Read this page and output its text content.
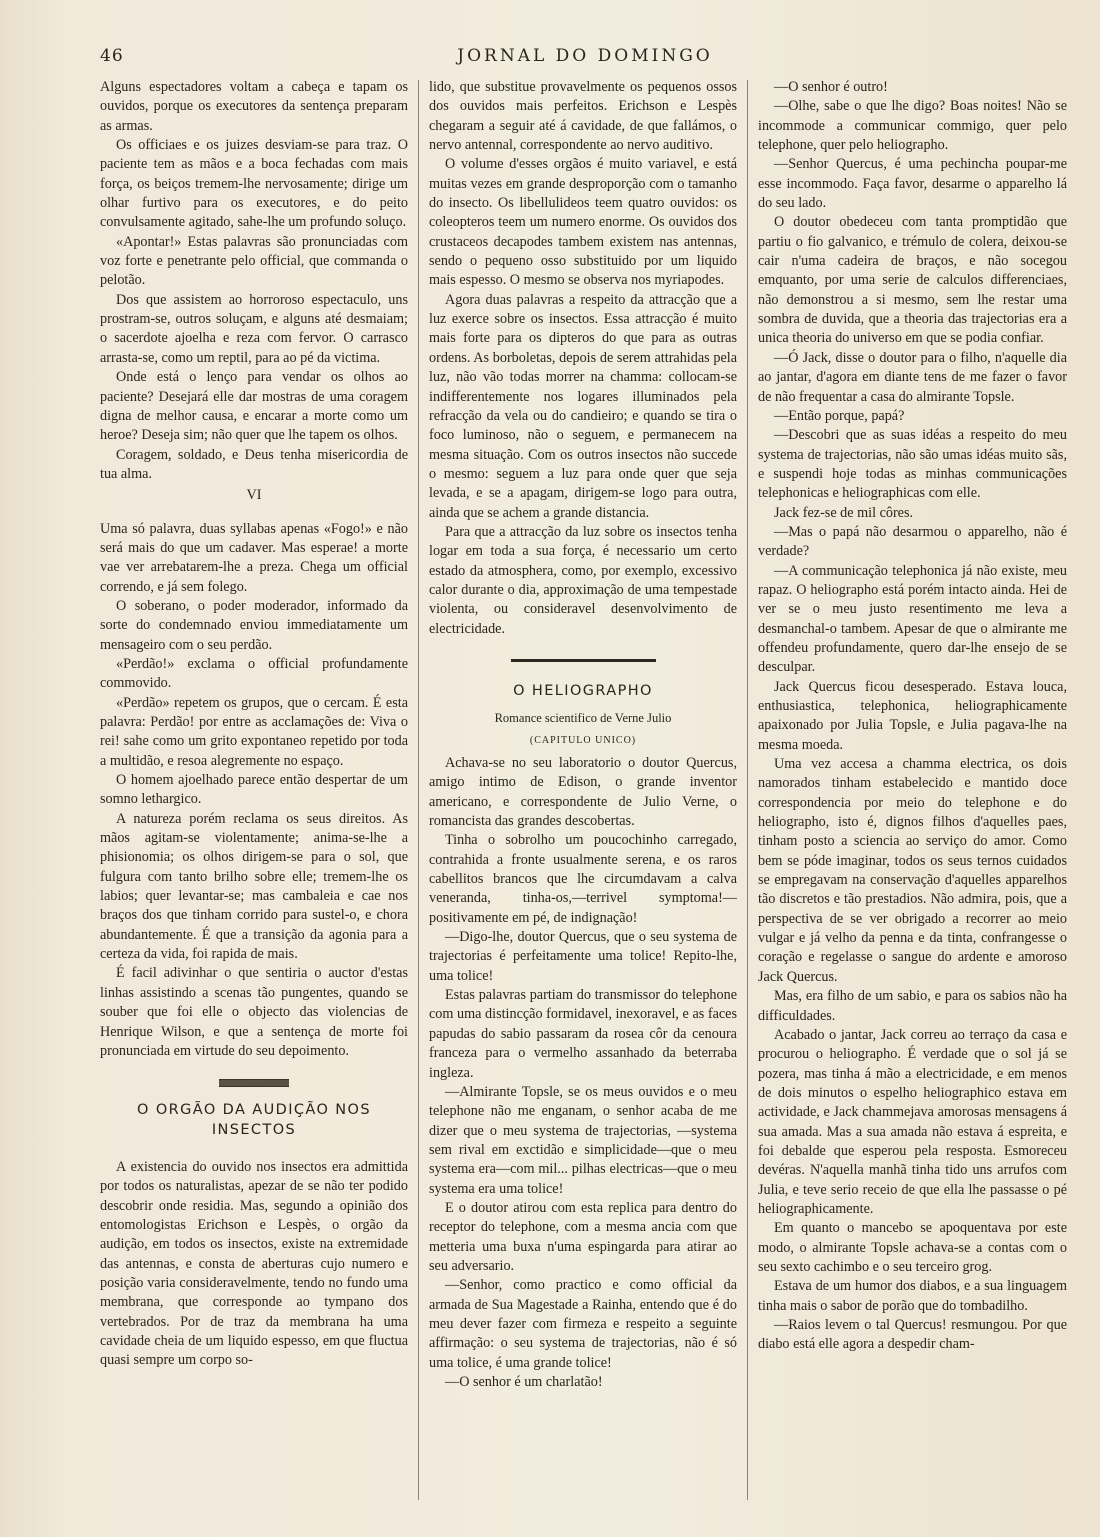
46	JORNAL DO DOMINGO

Alguns espectadores voltam a cabeça e tapam os ouvidos, porque os executores da sentença preparam as armas.

Os officiaes e os juizes desviam-se para traz. O paciente tem as mãos e a boca fechadas com mais força, os beiços tremem-lhe nervosamente; dirige um olhar furtivo para os executores, e do peito convulsamente agitado, sahe-lhe um profundo soluço.

«Apontar!» Estas palavras são pronunciadas com voz forte e penetrante pelo official, que commanda o pelotão.

Dos que assistem ao horroroso espectaculo, uns prostram-se, outros soluçam, e alguns até desmaiam; o sacerdote ajoelha e reza com fervor. O carrasco arrasta-se, como um reptil, para ao pé da victima.

Onde está o lenço para vendar os olhos ao paciente? Desejará elle dar mostras de uma coragem digna de melhor causa, e encarar a morte como um heroe? Deseja sim; não quer que lhe tapem os olhos.

Coragem, soldado, e Deus tenha misericordia de tua alma.

VI

Uma só palavra, duas syllabas apenas «Fogo!» e não será mais do que um cadaver. Mas esperae! a morte vae ver arrebatarem-lhe a preza. Chega um official correndo, e já sem folego.

O soberano, o poder moderador, informado da sorte do condemnado enviou immediatamente um mensageiro com o seu perdão.

«Perdão!» exclama o official profundamente commovido.

«Perdão» repetem os grupos, que o cercam. É esta palavra: Perdão! por entre as acclamações de: Viva o rei! sahe como um grito expontaneo repetido por toda a multidão, e resoa alegremente no espaço.

O homem ajoelhado parece então despertar de um somno lethargico.

A natureza porém reclama os seus direitos. As mãos agitam-se violentamente; anima-se-lhe a phisionomia; os olhos dirigem-se para o sol, que fulgura com tanto brilho sobre elle; tremem-lhe os labios; quer levantar-se; mas cambaleia e cae nos braços dos que tinham corrido para sustel-o, e chora abundantemente. É que a transição da agonia para a certeza da vida, foi rapida de mais.

É facil adivinhar o que sentiria o auctor d'estas linhas assistindo a scenas tão pungentes, quando se souber que foi elle o objecto das violencias de Henrique Wilson, e que a sentença de morte foi pronunciada em virtude do seu depoimento.

O ORGÃO DA AUDIÇÃO NOS INSECTOS

A existencia do ouvido nos insectos era admittida por todos os naturalistas, apezar de se não ter podido descobrir onde residia. Mas, segundo a opinião dos entomologistas Erichson e Lespès, o orgão da audição, em todos os insectos, existe na extremidade das antennas, e consta de aberturas cujo numero e posição varia consideravelmente, tendo no fundo uma membrana, que corresponde ao tympano dos vertebrados. Por de traz da membrana ha uma cavidade cheia de um liquido espesso, em que fluctua quasi sempre um corpo so-

lido, que substitue provavelmente os pequenos ossos dos ouvidos mais perfeitos. Erichson e Lespès chegaram a seguir até á cavidade, de que fallámos, o nervo antennal, correspondente ao nervo auditivo.

O volume d'esses orgãos é muito variavel, e está muitas vezes em grande desproporção com o tamanho do insecto. Os libellulideos teem quatro ouvidos: os coleopteros teem um numero enorme. Os ouvidos dos crustaceos decapodes tambem existem nas antennas, sendo o pequeno osso substituido por um liquido mais espesso. O mesmo se observa nos myriapodes.

Agora duas palavras a respeito da attracção que a luz exerce sobre os insectos. Essa attracção é muito mais forte para os dipteros do que para as outras ordens. As borboletas, depois de serem attrahidas pela luz, não vão todas morrer na chamma: collocam-se indifferentemente nos logares illuminados pela refracção da vela ou do candieiro; e quando se tira o foco luminoso, não o seguem, e permanecem na mesma situação. Com os outros insectos não succede o mesmo: seguem a luz para onde quer que seja levada, e se a apagam, dirigem-se logo para outra, ainda que se achem a grande distancia.

Para que a attracção da luz sobre os insectos tenha logar em toda a sua força, é necessario um certo estado da atmosphera, como, por exemplo, excessivo calor durante o dia, approximação de uma tempestade violenta, ou consideravel desenvolvimento de electricidade.

O HELIOGRAPHO

Romance scientifico de Verne Julio

(CAPITULO UNICO)

Achava-se no seu laboratorio o doutor Quercus, amigo intimo de Edison, o grande inventor americano, e correspondente de Julio Verne, o romancista das grandes descobertas.

Tinha o sobrolho um poucochinho carregado, contrahida a fronte usualmente serena, e os raros cabellitos brancos que lhe circumdavam a calva veneranda, tinha-os,—terrivel symptoma!—positivamente em pé, de indignação!

—Digo-lhe, doutor Quercus, que o seu systema de trajectorias é perfeitamente uma tolice! Repito-lhe, uma tolice!

Estas palavras partiam do transmissor do telephone com uma distincção formidavel, inexoravel, e as faces papudas do sabio passaram da rosea côr da cenoura franceza para o vermelho assanhado da beterraba ingleza.

—Almirante Topsle, se os meus ouvidos e o meu telephone não me enganam, o senhor acaba de me dizer que o meu systema de trajectorias, —systema sem rival em exctidão e simplicidade—que o meu systema era—com mil... pilhas electricas—que o meu systema era uma tolice!

E o doutor atirou com esta replica para dentro do receptor do telephone, com a mesma ancia com que metteria uma buxa n'uma espingarda para atirar ao seu adversario.

—Senhor, como practico e como official da armada de Sua Magestade a Rainha, entendo que é do meu dever fazer com firmeza e respeito a seguinte affirmação: o seu systema de trajectorias, não é só uma tolice, é uma grande tolice!

—O senhor é um charlatão!

—O senhor é outro!

—Olhe, sabe o que lhe digo? Boas noites! Não se incommode a communicar commigo, quer pelo telephone, quer pelo heliographo.

—Senhor Quercus, é uma pechincha poupar-me esse incommodo. Faça favor, desarme o apparelho lá do seu lado.

O doutor obedeceu com tanta promptidão que partiu o fio galvanico, e trémulo de colera, deixou-se cair n'uma cadeira de braços, e não socegou emquanto, por uma serie de calculos differenciaes, não demonstrou a si mesmo, sem lhe restar uma sombra de duvida, que a theoria das trajectorias era a unica theoria do universo em que se podia confiar.

—Ó Jack, disse o doutor para o filho, n'aquelle dia ao jantar, d'agora em diante tens de me fazer o favor de não frequentar a casa do almirante Topsle.

—Então porque, papá?

—Descobri que as suas idéas a respeito do meu systema de trajectorias, não são umas idéas muito sãs, e suspendi hoje todas as minhas communicações telephonicas e heliographicas com elle.

Jack fez-se de mil côres.

—Mas o papá não desarmou o apparelho, não é verdade?

—A communicação telephonica já não existe, meu rapaz. O heliographo está porém intacto ainda. Hei de ver se o meu justo resentimento me leva a desmanchal-o tambem. Apesar de que o almirante me offendeu profundamente, quero dar-lhe ensejo de se desculpar.

Jack Quercus ficou desesperado. Estava louca, enthusiastica, telephonica, heliographicamente apaixonado por Julia Topsle, e Julia pagava-lhe na mesma moeda.

Uma vez accesa a chamma electrica, os dois namorados tinham estabelecido e mantido doce correspondencia por meio do telephone e do heliographo, isto é, dignos filhos d'aquelles paes, tinham posto a sciencia ao serviço do amor. Como bem se póde imaginar, todos os seus ternos cuidados se empregavam na conservação d'aquelles apparelhos tão discretos e tão prestadios. Não admira, pois, que a perspectiva de se ver obrigado a recorrer ao meio vulgar e já velho da penna e da tinta, confrangesse o coração e regelasse o sangue do ardente e amoroso Jack Quercus.

Mas, era filho de um sabio, e para os sabios não ha difficuldades.

Acabado o jantar, Jack correu ao terraço da casa e procurou o heliographo. É verdade que o sol já se pozera, mas tinha á mão a electricidade, e em menos de dois minutos o espelho heliographico estava em actividade, e Jack chammejava amorosas mensagens á sua amada. Mas a sua amada não estava á espreita, e foi debalde que esperou pela resposta. Esmoreceu devéras. N'aquella manhã tinha tido uns arrufos com Julia, e teve serio receio de que ella lhe passasse o pé heliographicamente.

Em quanto o mancebo se apoquentava por este modo, o almirante Topsle achava-se a contas com o seu sexto cachimbo e o seu terceiro grog.

Estava de um humor dos diabos, e a sua linguagem tinha mais o sabor de porão que do tombadilho.

—Raios levem o tal Quercus! resmungou. Por que diabo está elle agora a despedir cham-
